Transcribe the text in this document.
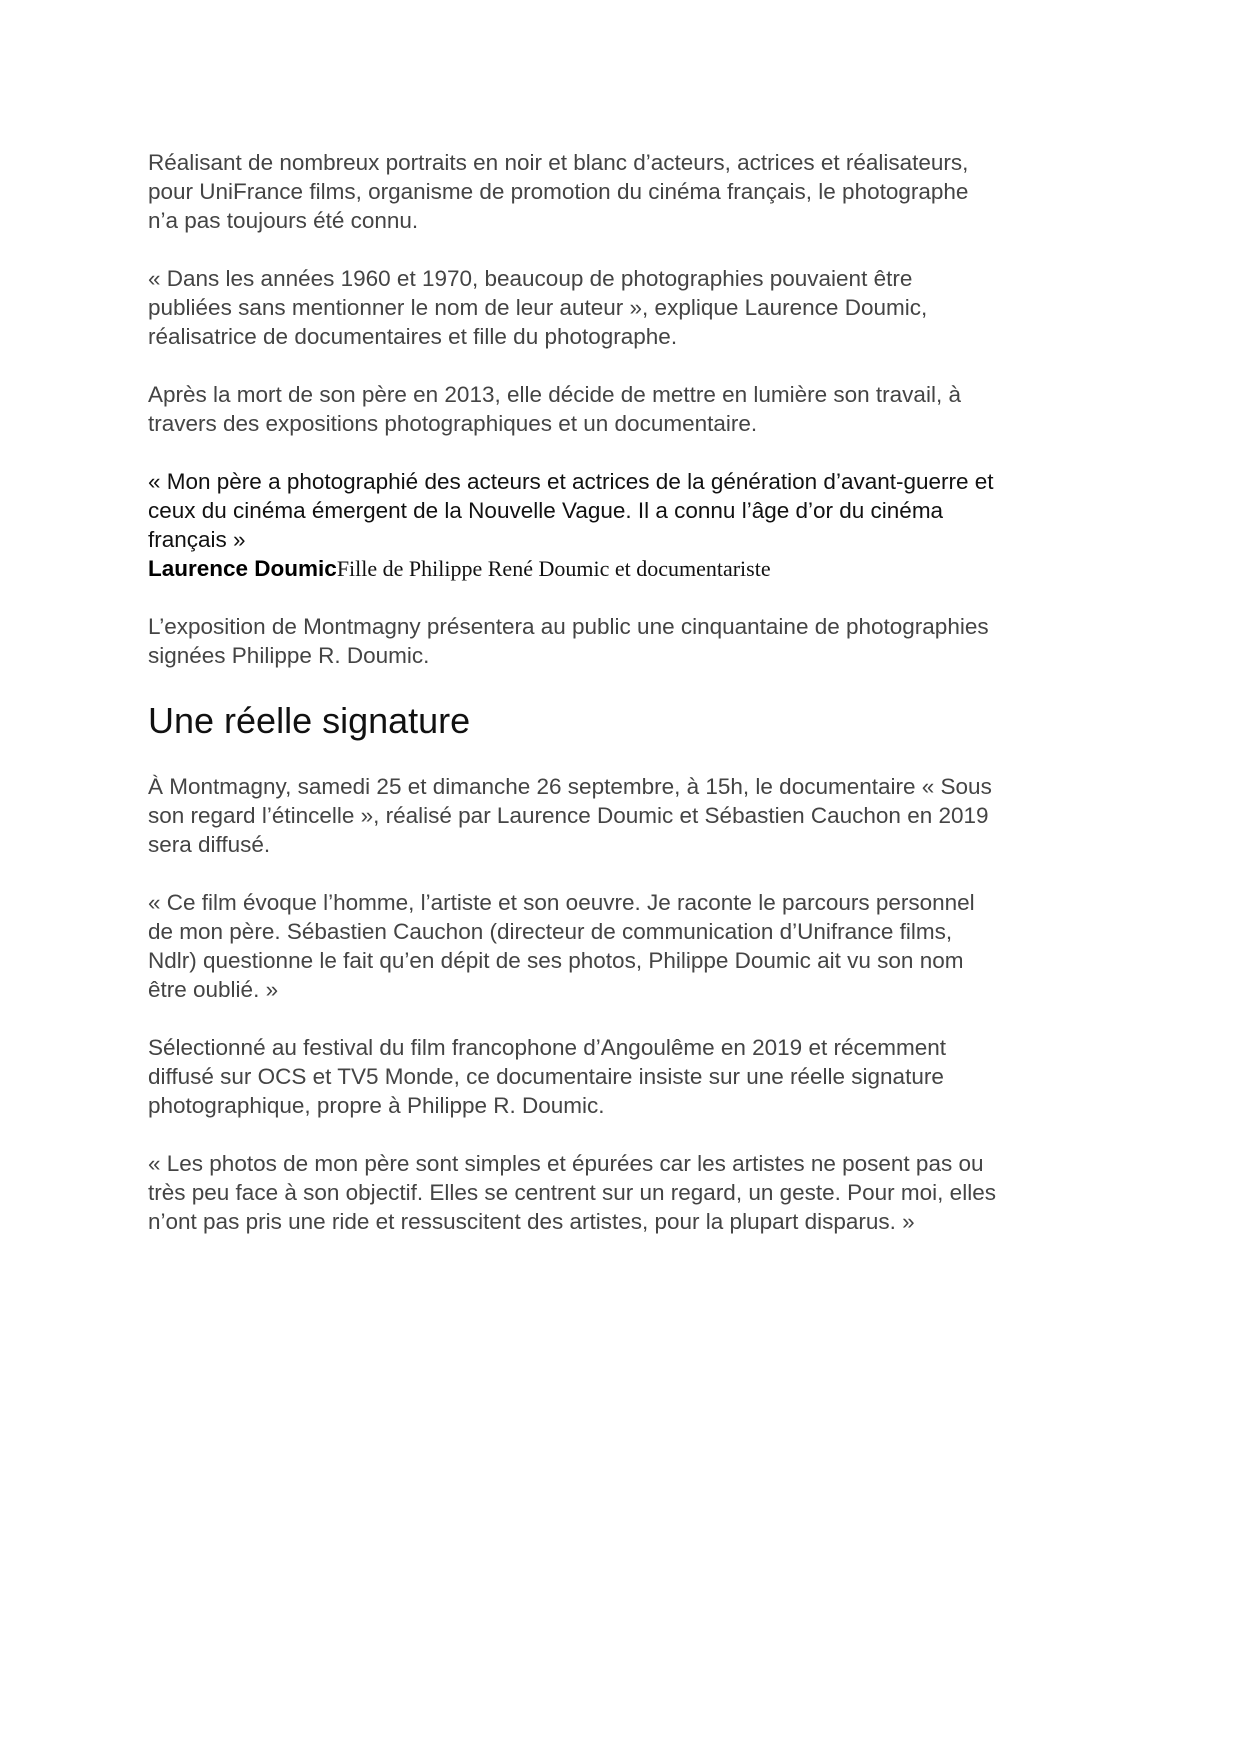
Réalisant de nombreux portraits en noir et blanc d’acteurs, actrices et réalisateurs,
pour UniFrance films, organisme de promotion du cinéma français, le photographe
n’a pas toujours été connu.

« Dans les années 1960 et 1970, beaucoup de photographies pouvaient être
publiées sans mentionner le nom de leur auteur », explique Laurence Doumic,
réalisatrice de documentaires et fille du photographe.

Après la mort de son père en 2013, elle décide de mettre en lumière son travail, à
travers des expositions photographiques et un documentaire.

« Mon père a photographié des acteurs et actrices de la génération d’avant-guerre et
ceux du cinéma émergent de la Nouvelle Vague. Il a connu l’âge d’or du cinéma
français »
Laurence DoumicFille de Philippe René Doumic et documentariste

L’exposition de Montmagny présentera au public une cinquantaine de photographies
signées Philippe R. Doumic.

Une réelle signature

À Montmagny, samedi 25 et dimanche 26 septembre, à 15h, le documentaire « Sous
son regard l’étincelle », réalisé par Laurence Doumic et Sébastien Cauchon en 2019
sera diffusé.

« Ce film évoque l’homme, l’artiste et son oeuvre. Je raconte le parcours personnel
de mon père. Sébastien Cauchon (directeur de communication d’Unifrance films,
Ndlr) questionne le fait qu’en dépit de ses photos, Philippe Doumic ait vu son nom
être oublié. »

Sélectionné au festival du film francophone d’Angoulême en 2019 et récemment
diffusé sur OCS et TV5 Monde, ce documentaire insiste sur une réelle signature
photographique, propre à Philippe R. Doumic.

« Les photos de mon père sont simples et épurées car les artistes ne posent pas ou
très peu face à son objectif. Elles se centrent sur un regard, un geste. Pour moi, elles
n’ont pas pris une ride et ressuscitent des artistes, pour la plupart disparus. »
